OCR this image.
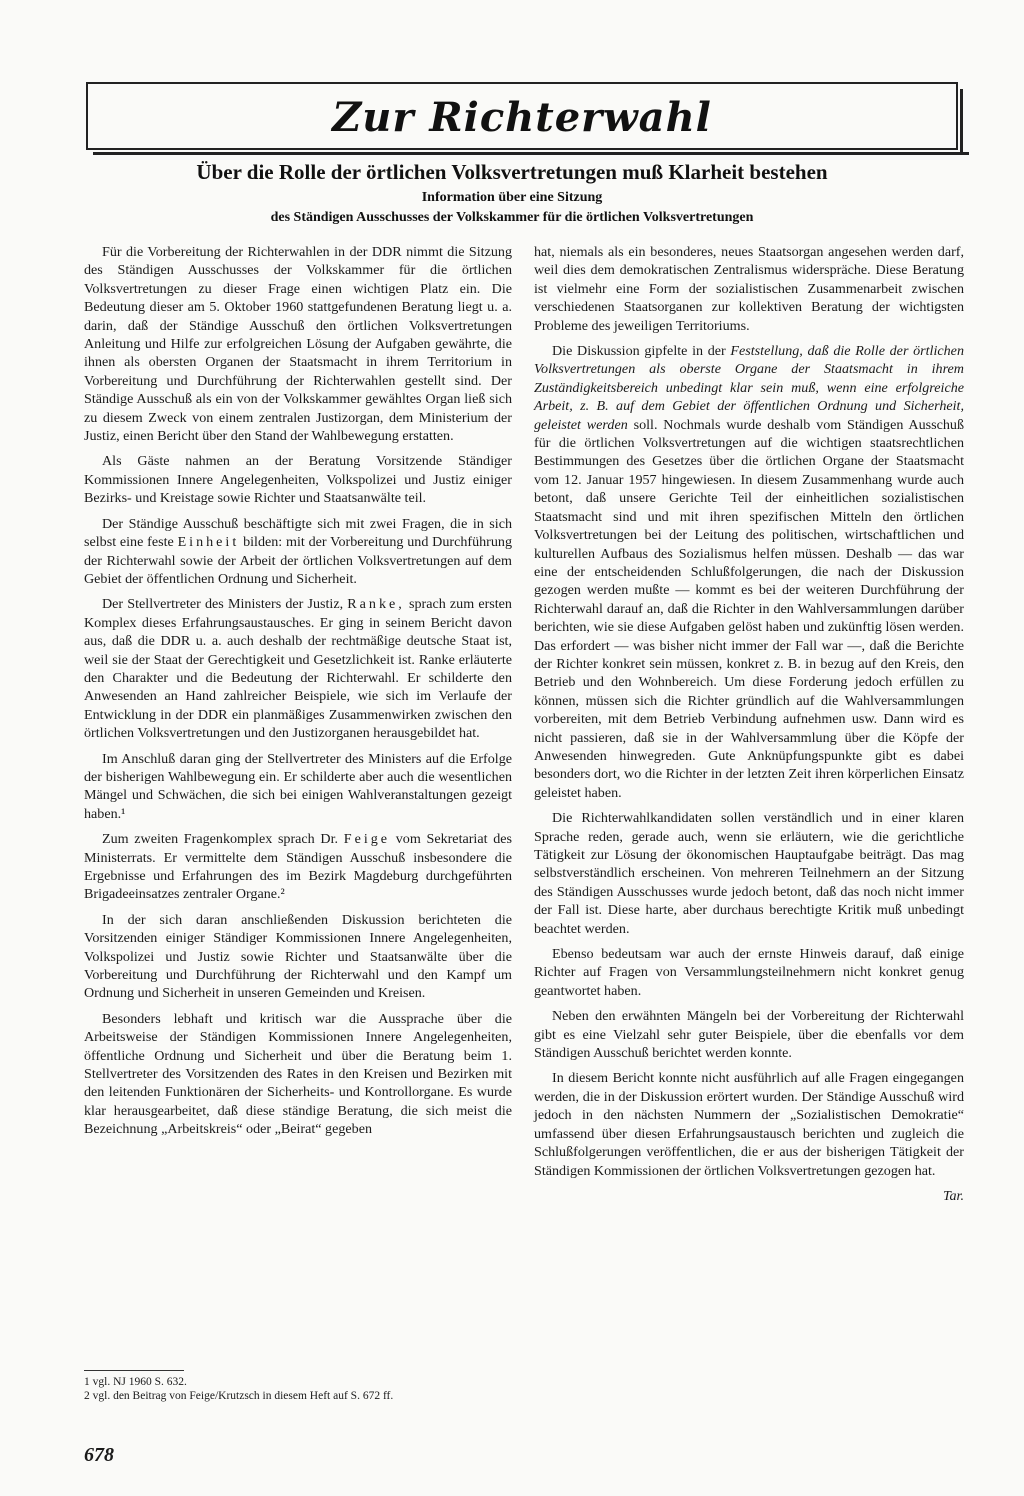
Zur Richterwahl
Über die Rolle der örtlichen Volksvertretungen muß Klarheit bestehen
Information über eine Sitzung
des Ständigen Ausschusses der Volkskammer für die örtlichen Volksvertretungen

Für die Vorbereitung der Richterwahlen in der DDR nimmt die Sitzung des Ständigen Ausschusses der Volkskammer für die örtlichen Volksvertretungen zu dieser Frage einen wichtigen Platz ein. Die Bedeutung dieser am 5. Oktober 1960 stattgefundenen Beratung liegt u. a. darin, daß der Ständige Ausschuß den örtlichen Volksvertretungen Anleitung und Hilfe zur erfolgreichen Lösung der Aufgaben gewährte, die ihnen als obersten Organen der Staatsmacht in ihrem Territorium in Vorbereitung und Durchführung der Richterwahlen gestellt sind. Der Ständige Ausschuß als ein von der Volkskammer gewähltes Organ ließ sich zu diesem Zweck von einem zentralen Justizorgan, dem Ministerium der Justiz, einen Bericht über den Stand der Wahlbewegung erstatten.

Als Gäste nahmen an der Beratung Vorsitzende Ständiger Kommissionen Innere Angelegenheiten, Volkspolizei und Justiz einiger Bezirks- und Kreistage sowie Richter und Staatsanwälte teil.

Der Ständige Ausschuß beschäftigte sich mit zwei Fragen, die in sich selbst eine feste Einheit bilden: mit der Vorbereitung und Durchführung der Richterwahl sowie der Arbeit der örtlichen Volksvertretungen auf dem Gebiet der öffentlichen Ordnung und Sicherheit.

Der Stellvertreter des Ministers der Justiz, Ranke, sprach zum ersten Komplex dieses Erfahrungsaustausches. Er ging in seinem Bericht davon aus, daß die DDR u. a. auch deshalb der rechtmäßige deutsche Staat ist, weil sie der Staat der Gerechtigkeit und Gesetzlichkeit ist. Ranke erläuterte den Charakter und die Bedeutung der Richterwahl. Er schilderte den Anwesenden an Hand zahlreicher Beispiele, wie sich im Verlaufe der Entwicklung in der DDR ein planmäßiges Zusammenwirken zwischen den örtlichen Volksvertretungen und den Justizorganen herausgebildet hat.

Im Anschluß daran ging der Stellvertreter des Ministers auf die Erfolge der bisherigen Wahlbewegung ein. Er schilderte aber auch die wesentlichen Mängel und Schwächen, die sich bei einigen Wahlveranstaltungen gezeigt haben.¹

Zum zweiten Fragenkomplex sprach Dr. Feige vom Sekretariat des Ministerrats. Er vermittelte dem Ständigen Ausschuß insbesondere die Ergebnisse und Erfahrungen des im Bezirk Magdeburg durchgeführten Brigadeeinsatzes zentraler Organe.²

In der sich daran anschließenden Diskussion berichteten die Vorsitzenden einiger Ständiger Kommissionen Innere Angelegenheiten, Volkspolizei und Justiz sowie Richter und Staatsanwälte über die Vorbereitung und Durchführung der Richterwahl und den Kampf um Ordnung und Sicherheit in unseren Gemeinden und Kreisen.

Besonders lebhaft und kritisch war die Aussprache über die Arbeitsweise der Ständigen Kommissionen Innere Angelegenheiten, öffentliche Ordnung und Sicherheit und über die Beratung beim 1. Stellvertreter des Vorsitzenden des Rates in den Kreisen und Bezirken mit den leitenden Funktionären der Sicherheits- und Kontrollorgane. Es wurde klar herausgearbeitet, daß diese ständige Beratung, die sich meist die Bezeichnung „Arbeitskreis“ oder „Beirat“ gegeben

hat, niemals als ein besonderes, neues Staatsorgan angesehen werden darf, weil dies dem demokratischen Zentralismus widerspräche. Diese Beratung ist vielmehr eine Form der sozialistischen Zusammenarbeit zwischen verschiedenen Staatsorganen zur kollektiven Beratung der wichtigsten Probleme des jeweiligen Territoriums.

Die Diskussion gipfelte in der Feststellung, daß die Rolle der örtlichen Volksvertretungen als oberste Organe der Staatsmacht in ihrem Zuständigkeitsbereich unbedingt klar sein muß, wenn eine erfolgreiche Arbeit, z. B. auf dem Gebiet der öffentlichen Ordnung und Sicherheit, geleistet werden soll. Nochmals wurde deshalb vom Ständigen Ausschuß für die örtlichen Volksvertretungen auf die wichtigen staatsrechtlichen Bestimmungen des Gesetzes über die örtlichen Organe der Staatsmacht vom 12. Januar 1957 hingewiesen. In diesem Zusammenhang wurde auch betont, daß unsere Gerichte Teil der einheitlichen sozialistischen Staatsmacht sind und mit ihren spezifischen Mitteln den örtlichen Volksvertretungen bei der Leitung des politischen, wirtschaftlichen und kulturellen Aufbaus des Sozialismus helfen müssen. Deshalb — das war eine der entscheidenden Schlußfolgerungen, die nach der Diskussion gezogen werden mußte — kommt es bei der weiteren Durchführung der Richterwahl darauf an, daß die Richter in den Wahlversammlungen darüber berichten, wie sie diese Aufgaben gelöst haben und zukünftig lösen werden. Das erfordert — was bisher nicht immer der Fall war —, daß die Berichte der Richter konkret sein müssen, konkret z. B. in bezug auf den Kreis, den Betrieb und den Wohnbereich. Um diese Forderung jedoch erfüllen zu können, müssen sich die Richter gründlich auf die Wahlversammlungen vorbereiten, mit dem Betrieb Verbindung aufnehmen usw. Dann wird es nicht passieren, daß sie in der Wahlversammlung über die Köpfe der Anwesenden hinwegreden. Gute Anknüpfungspunkte gibt es dabei besonders dort, wo die Richter in der letzten Zeit ihren körperlichen Einsatz geleistet haben.

Die Richterwahlkandidaten sollen verständlich und in einer klaren Sprache reden, gerade auch, wenn sie erläutern, wie die gerichtliche Tätigkeit zur Lösung der ökonomischen Hauptaufgabe beiträgt. Das mag selbstverständlich erscheinen. Von mehreren Teilnehmern an der Sitzung des Ständigen Ausschusses wurde jedoch betont, daß das noch nicht immer der Fall ist. Diese harte, aber durchaus berechtigte Kritik muß unbedingt beachtet werden.

Ebenso bedeutsam war auch der ernste Hinweis darauf, daß einige Richter auf Fragen von Versammlungsteilnehmern nicht konkret genug geantwortet haben.

Neben den erwähnten Mängeln bei der Vorbereitung der Richterwahl gibt es eine Vielzahl sehr guter Beispiele, über die ebenfalls vor dem Ständigen Ausschuß berichtet werden konnte.

In diesem Bericht konnte nicht ausführlich auf alle Fragen eingegangen werden, die in der Diskussion erörtert wurden. Der Ständige Ausschuß wird jedoch in den nächsten Nummern der „Sozialistischen Demokratie“ umfassend über diesen Erfahrungsaustausch berichten und zugleich die Schlußfolgerungen veröffentlichen, die er aus der bisherigen Tätigkeit der Ständigen Kommissionen der örtlichen Volksvertretungen gezogen hat.

Tar.
1 vgl. NJ 1960 S. 632.
2 vgl. den Beitrag von Feige/Krutzsch in diesem Heft auf S. 672 ff.
678
